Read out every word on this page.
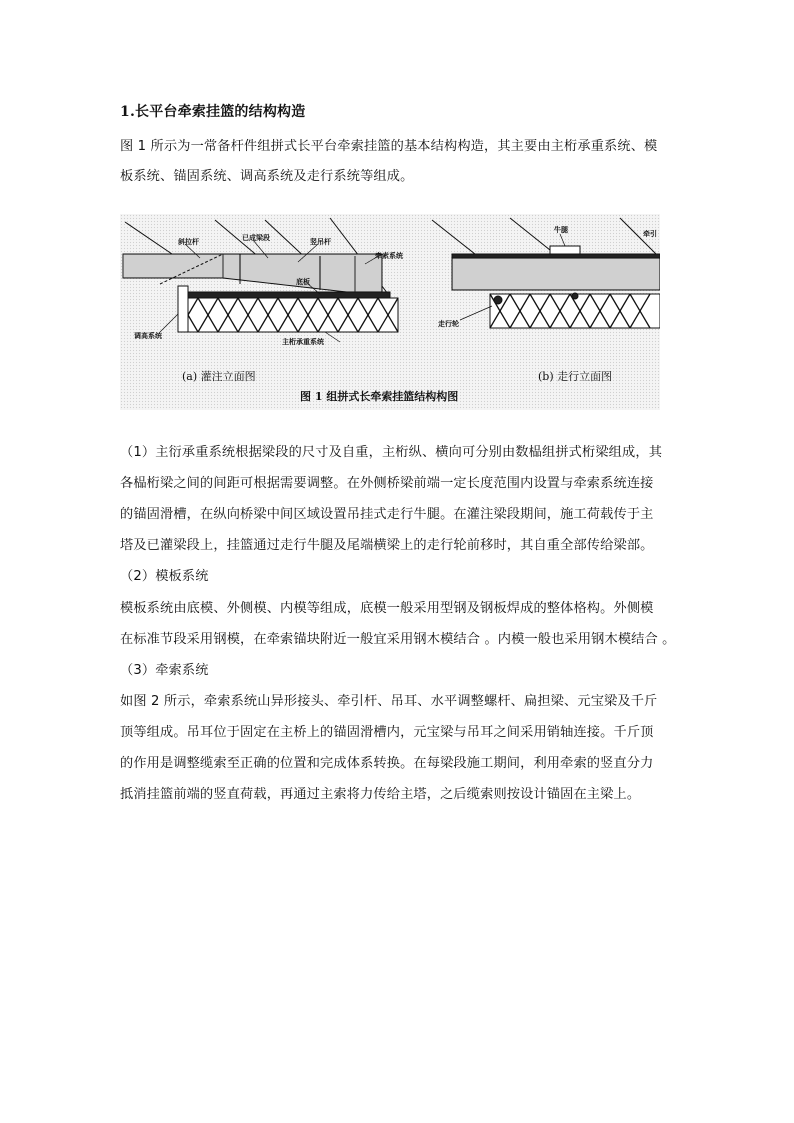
1.长平台牵索挂篮的结构构造
图 1 所示为一常备杆件组拼式长平台牵索挂篮的基本结构构造，其主要由主桁承重系统、模
板系统、锚固系统、调高系统及走行系统等组成。
斜拉杆	已成梁段	竖吊杆
牵索系统
底板
调高系统
主桁承重系统
牛腿	牵引
走行轮
(a) 灌注立面图	(b) 走行立面图
图 1 组拼式长牵索挂篮结构构图
（1）主衍承重系统根据梁段的尺寸及自重，主桁纵、横向可分别由数榀组拼式桁梁组成，其
各榀桁梁之间的间距可根据需要调整。在外侧桥梁前端一定长度范围内设置与牵索系统连接
的锚固滑槽，在纵向桥梁中间区域设置吊挂式走行牛腿。在灌注梁段期间，施工荷载传于主
塔及已灌梁段上，挂篮通过走行牛腿及尾端横梁上的走行轮前移时，其自重全部传给梁部。
（2）模板系统
模板系统由底模、外侧模、内模等组成，底模一般采用型钢及钢板焊成的整体格构。外侧模
在标准节段采用钢模，在牵索锚块附近一般宜采用钢木模结合 。内模一般也采用钢木模结合 。
（3）牵索系统
如图 2 所示，牵索系统山异形接头、牵引杆、吊耳、水平调整螺杆、扁担梁、元宝梁及千斤
顶等组成。吊耳位于固定在主桥上的锚固滑槽内，元宝梁与吊耳之间采用销轴连接。千斤顶
的作用是调整缆索至正确的位置和完成体系转换。在每梁段施工期间，利用牵索的竖直分力
抵消挂篮前端的竖直荷载，再通过主索将力传给主塔，之后缆索则按设计锚固在主梁上。
